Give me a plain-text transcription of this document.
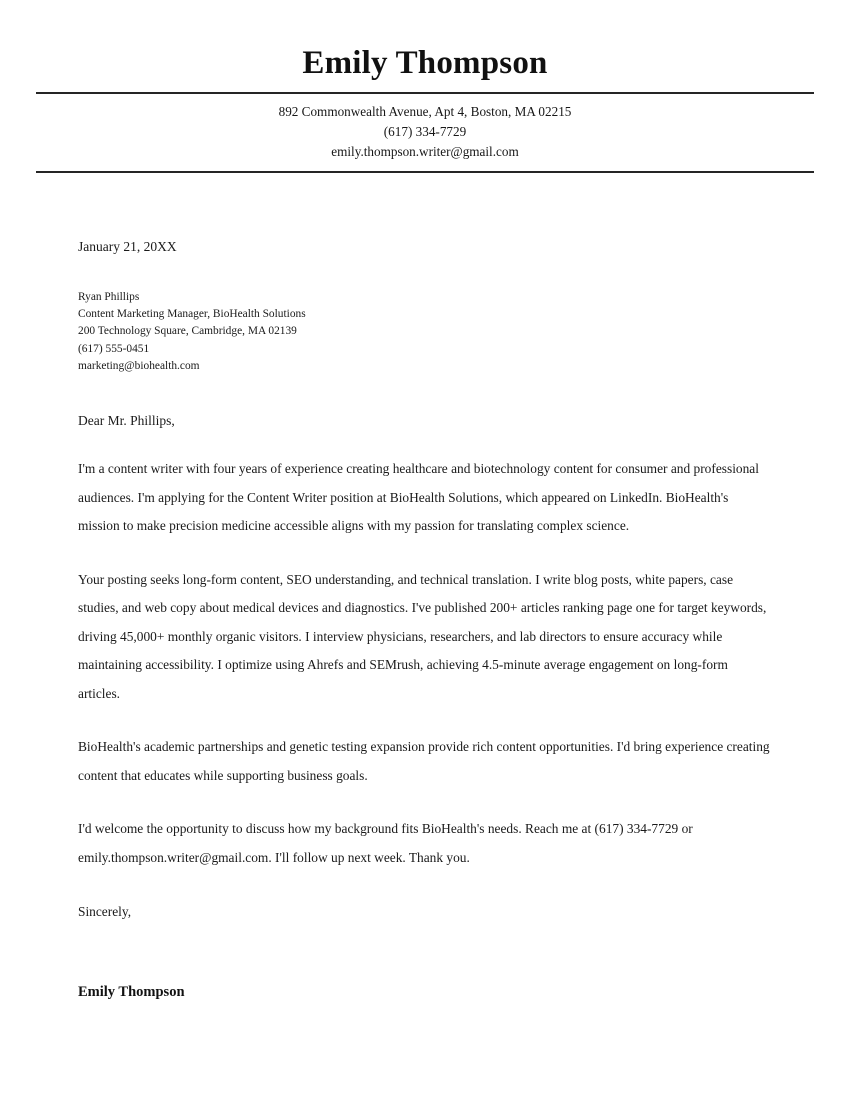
Emily Thompson
892 Commonwealth Avenue, Apt 4, Boston, MA 02215
(617) 334-7729
emily.thompson.writer@gmail.com
January 21, 20XX
Ryan Phillips
Content Marketing Manager, BioHealth Solutions
200 Technology Square, Cambridge, MA 02139
(617) 555-0451
marketing@biohealth.com
Dear Mr. Phillips,

I'm a content writer with four years of experience creating healthcare and biotechnology content for consumer and professional audiences. I'm applying for the Content Writer position at BioHealth Solutions, which appeared on LinkedIn. BioHealth's mission to make precision medicine accessible aligns with my passion for translating complex science.

Your posting seeks long-form content, SEO understanding, and technical translation. I write blog posts, white papers, case studies, and web copy about medical devices and diagnostics. I've published 200+ articles ranking page one for target keywords, driving 45,000+ monthly organic visitors. I interview physicians, researchers, and lab directors to ensure accuracy while maintaining accessibility. I optimize using Ahrefs and SEMrush, achieving 4.5-minute average engagement on long-form articles.

BioHealth's academic partnerships and genetic testing expansion provide rich content opportunities. I'd bring experience creating content that educates while supporting business goals.

I'd welcome the opportunity to discuss how my background fits BioHealth's needs. Reach me at (617) 334-7729 or emily.thompson.writer@gmail.com. I'll follow up next week. Thank you.

Sincerely,
Emily Thompson
